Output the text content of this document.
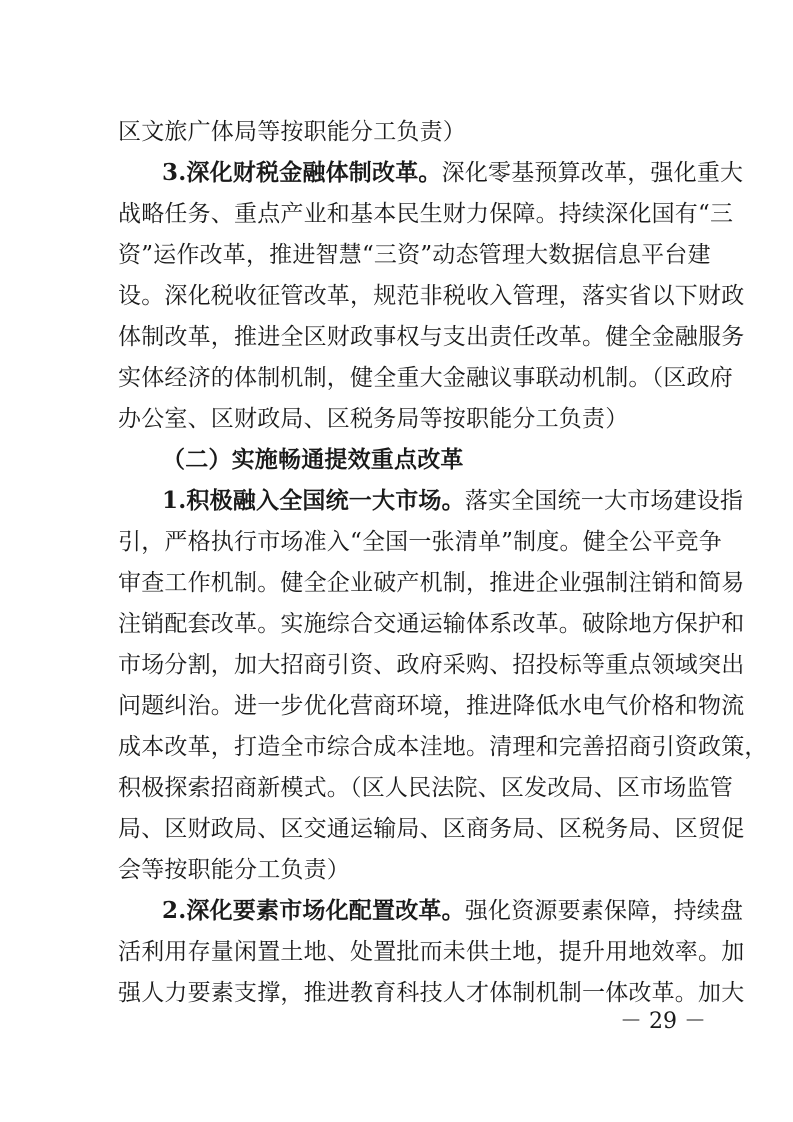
区文旅广体局等按职能分工负责）
3.深化财税金融体制改革。深化零基预算改革，强化重大
战略任务、重点产业和基本民生财力保障。持续深化国有“三
资”运作改革，推进智慧“三资”动态管理大数据信息平台建
设。深化税收征管改革，规范非税收入管理，落实省以下财政
体制改革，推进全区财政事权与支出责任改革。健全金融服务
实体经济的体制机制，健全重大金融议事联动机制。（区政府
办公室、区财政局、区税务局等按职能分工负责）
（二）实施畅通提效重点改革
1.积极融入全国统一大市场。落实全国统一大市场建设指
引，严格执行市场准入“全国一张清单”制度。健全公平竞争
审查工作机制。健全企业破产机制，推进企业强制注销和简易
注销配套改革。实施综合交通运输体系改革。破除地方保护和
市场分割，加大招商引资、政府采购、招投标等重点领域突出
问题纠治。进一步优化营商环境，推进降低水电气价格和物流
成本改革，打造全市综合成本洼地。清理和完善招商引资政策，
积极探索招商新模式。（区人民法院、区发改局、区市场监管
局、区财政局、区交通运输局、区商务局、区税务局、区贸促
会等按职能分工负责）
2.深化要素市场化配置改革。强化资源要素保障，持续盘
活利用存量闲置土地、处置批而未供土地，提升用地效率。加
强人力要素支撑，推进教育科技人才体制机制一体改革。加大
－ 29 －
